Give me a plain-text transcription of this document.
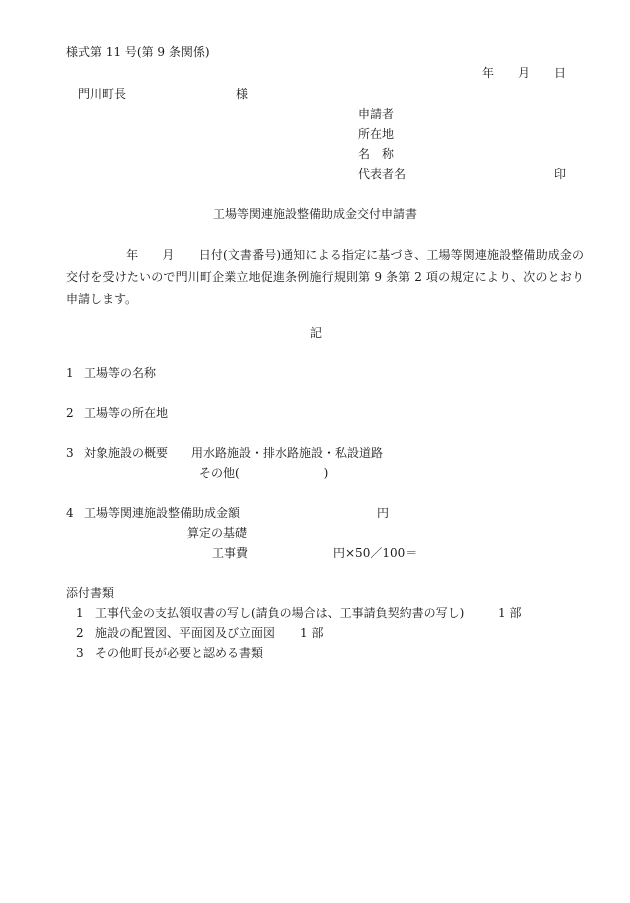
様式第 11 号(第 9 条関係)
年 月 日
門川町長	様
申請者
所在地
名　称
代表者名	印
工場等関連施設整備助成金交付申請書
年 月 日付(文書番号)通知による指定に基づき、工場等関連施設整備助成金の交付を受けたいので門川町企業立地促進条例施行規則第 9 条第 2 項の規定により、次のとおり申請します。
記
1 工場等の名称
2 工場等の所在地
3 対象施設の概要 用水路施設・排水路施設・私設道路
その他(　　　　　　　)
4 工場等関連施設整備助成金額	円
算定の基礎
工事費	円×50／100＝
添付書類
1 工事代金の支払領収書の写し(請負の場合は、工事請負契約書の写し)	1 部
2 施設の配置図、平面図及び立面図 1 部
3 その他町長が必要と認める書類
